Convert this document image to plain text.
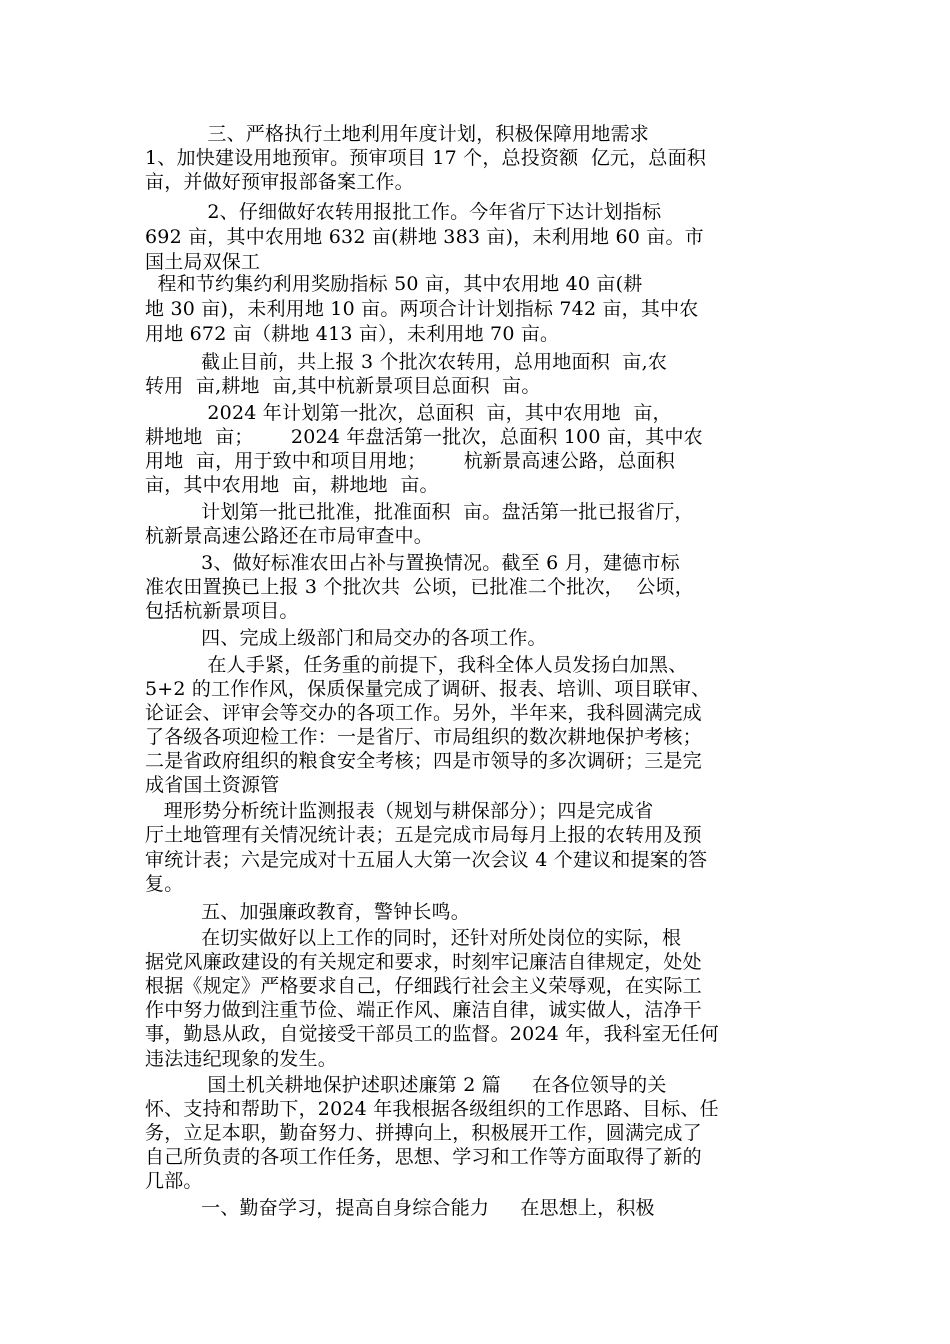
三、严格执行土地利用年度计划，积极保障用地需求
1、加快建设用地预审。预审项目 17 个，总投资额  亿元，总面积
亩，并做好预审报部备案工作。
2、仔细做好农转用报批工作。今年省厅下达计划指标
692 亩，其中农用地 632 亩(耕地 383 亩)，未利用地 60 亩。市
国土局双保工
程和节约集约利用奖励指标 50 亩，其中农用地 40 亩(耕
地 30 亩)，未利用地 10 亩。两项合计计划指标 742 亩，其中农
用地 672 亩（耕地 413 亩），未利用地 70 亩。
截止目前，共上报 3 个批次农转用，总用地面积  亩,农
转用  亩,耕地  亩,其中杭新景项目总面积  亩。
2024 年计划第一批次，总面积  亩，其中农用地  亩，
耕地地  亩；      2024 年盘活第一批次，总面积 100 亩，其中农
用地  亩，用于致中和项目用地；      杭新景高速公路，总面积
亩，其中农用地  亩，耕地地  亩。
计划第一批已批准，批准面积  亩。盘活第一批已报省厅，
杭新景高速公路还在市局审查中。
3、做好标准农田占补与置换情况。截至 6 月，建德市标
准农田置换已上报 3 个批次共  公顷，已批准二个批次，  公顷，
包括杭新景项目。
四、完成上级部门和局交办的各项工作。
在人手紧，任务重的前提下，我科全体人员发扬白加黑、
5+2 的工作作风，保质保量完成了调研、报表、培训、项目联审、
论证会、评审会等交办的各项工作。另外，半年来，我科圆满完成
了各级各项迎检工作：一是省厅、市局组织的数次耕地保护考核；
二是省政府组织的粮食安全考核；四是市领导的多次调研；三是完
成省国土资源管
理形势分析统计监测报表（规划与耕保部分）；四是完成省
厅土地管理有关情况统计表；五是完成市局每月上报的农转用及预
审统计表；六是完成对十五届人大第一次会议 4 个建议和提案的答
复。
五、加强廉政教育，警钟长鸣。
在切实做好以上工作的同时，还针对所处岗位的实际，根
据党风廉政建设的有关规定和要求，时刻牢记廉洁自律规定，处处
根据《规定》严格要求自己，仔细践行社会主义荣辱观，在实际工
作中努力做到注重节俭、端正作风、廉洁自律，诚实做人，洁净干
事，勤恳从政，自觉接受干部员工的监督。2024 年，我科室无任何
违法违纪现象的发生。
国土机关耕地保护述职述廉第 2 篇     在各位领导的关
怀、支持和帮助下，2024 年我根据各级组织的工作思路、目标、任
务，立足本职，勤奋努力、拼搏向上，积极展开工作，圆满完成了
自己所负责的各项工作任务，思想、学习和工作等方面取得了新的
几部。
一、勤奋学习，提高自身综合能力     在思想上，积极
